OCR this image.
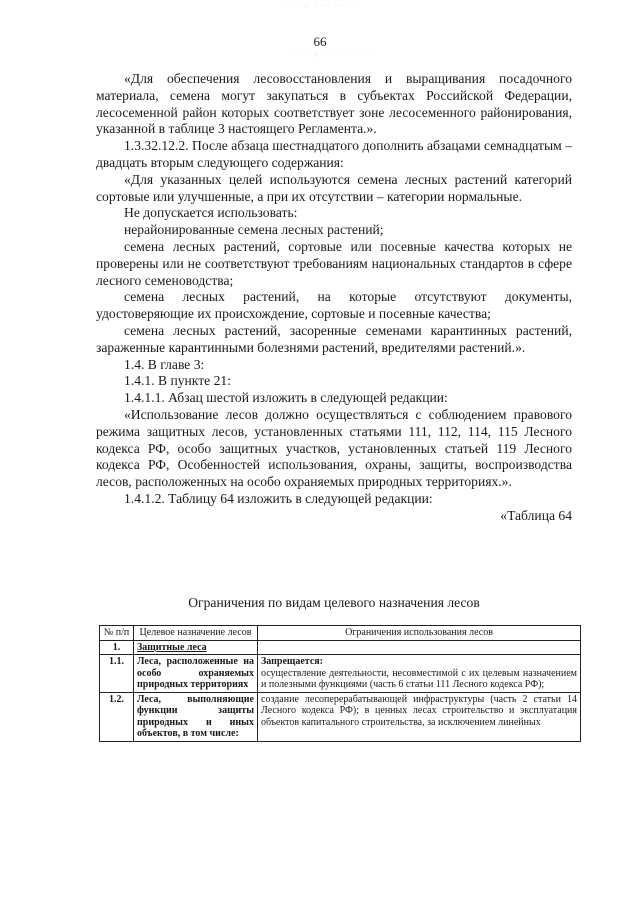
· ·· ∴ · ·· ··· ·
· ·· ∴ · ·· ··· ·
66

«Для обеспечения лесовосстановления и выращивания посадочного материала, семена могут закупаться в субъектах Российской Федерации, лесосеменной район которых соответствует зоне лесосеменного районирования, указанной в таблице 3 настоящего Регламента.».

1.3.32.12.2. После абзаца шестнадцатого дополнить абзацами семнадцатым – двадцать вторым следующего содержания:

«Для указанных целей используются семена лесных растений категорий сортовые или улучшенные, а при их отсутствии – категории нормальные.

Не допускается использовать:

нерайонированные семена лесных растений;

семена лесных растений, сортовые или посевные качества которых не проверены или не соответствуют требованиям национальных стандартов в сфере лесного семеноводства;

семена лесных растений, на которые отсутствуют документы, удостоверяющие их происхождение, сортовые и посевные качества;

семена лесных растений, засоренные семенами карантинных растений, зараженные карантинными болезнями растений, вредителями растений.».

1.4. В главе 3:

1.4.1. В пункте 21:

1.4.1.1. Абзац шестой изложить в следующей редакции:

«Использование лесов должно осуществляться с соблюдением правового режима защитных лесов, установленных статьями 111, 112, 114, 115 Лесного кодекса РФ, особо защитных участков, установленных статьей 119 Лесного кодекса РФ, Особенностей использования, охраны, защиты, воспроизводства лесов, расположенных на особо охраняемых природных территориях.».

1.4.1.2. Таблицу 64 изложить в следующей редакции:

«Таблица 64

Ограничения по видам целевого назначения лесов
№ п/п	Целевое назначение лесов	Ограничения использования лесов
1.	Защитные леса	
1.1.	Леса, расположенные на особо охраняемых природных территориях	Запрещается:
осуществление деятельности, несовместимой с их целевым назначением и полезными функциями (часть 6 статьи 111 Лесного кодекса РФ);

1.2.	Леса, выполняющие функции защиты природных и иных объектов, в том числе:	создание лесоперерабатывающей инфраструктуры (часть 2 статьи 14 Лесного кодекса РФ); в ценных лесах строительство и эксплуатация объектов капитального строительства, за исключением линейных
